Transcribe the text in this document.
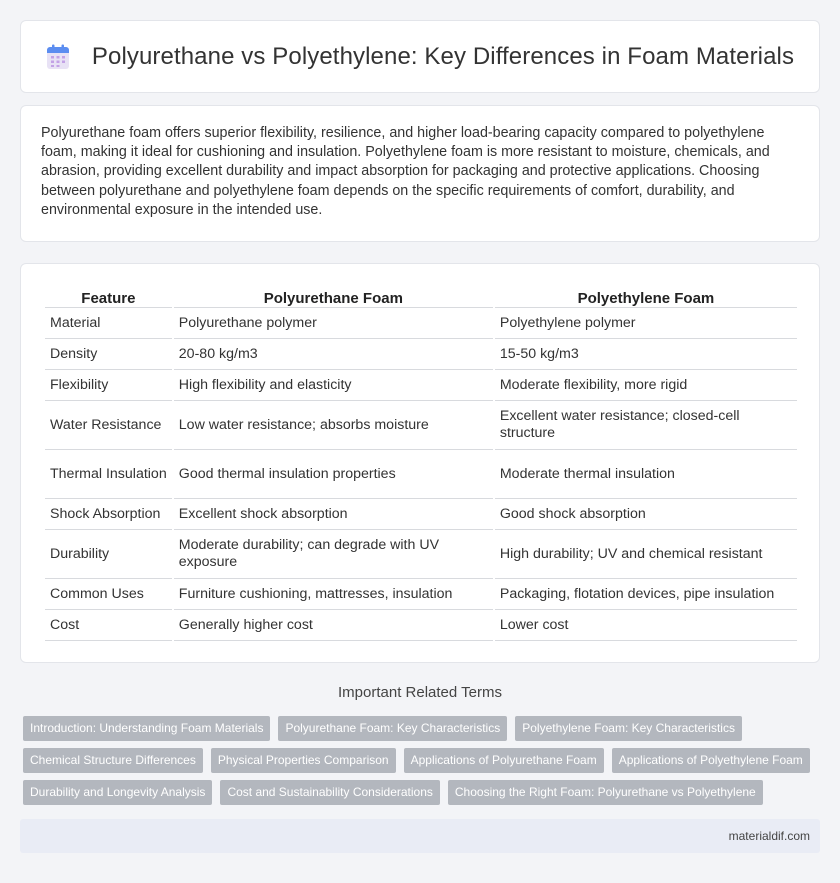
Polyurethane vs Polyethylene: Key Differences in Foam Materials

Polyurethane foam offers superior flexibility, resilience, and higher load-bearing capacity compared to polyethylene foam, making it ideal for cushioning and insulation. Polyethylene foam is more resistant to moisture, chemicals, and abrasion, providing excellent durability and impact absorption for packaging and protective applications. Choosing between polyurethane and polyethylene foam depends on the specific requirements of comfort, durability, and environmental exposure in the intended use.

Feature	Polyurethane Foam	Polyethylene Foam
Material	Polyurethane polymer	Polyethylene polymer
Density	20-80 kg/m3	15-50 kg/m3
Flexibility	High flexibility and elasticity	Moderate flexibility, more rigid
Water Resistance	Low water resistance; absorbs moisture	Excellent water resistance; closed-cell structure
Thermal Insulation	Good thermal insulation properties	Moderate thermal insulation
Shock Absorption	Excellent shock absorption	Good shock absorption
Durability	Moderate durability; can degrade with UV exposure	High durability; UV and chemical resistant
Common Uses	Furniture cushioning, mattresses, insulation	Packaging, flotation devices, pipe insulation
Cost	Generally higher cost	Lower cost
Important Related Terms
Introduction: Understanding Foam Materials	Polyurethane Foam: Key Characteristics	Polyethylene Foam: Key Characteristics
Chemical Structure Differences	Physical Properties Comparison	Applications of Polyurethane Foam	Applications of Polyethylene Foam
Durability and Longevity Analysis	Cost and Sustainability Considerations	Choosing the Right Foam: Polyurethane vs Polyethylene
materialdif.com
